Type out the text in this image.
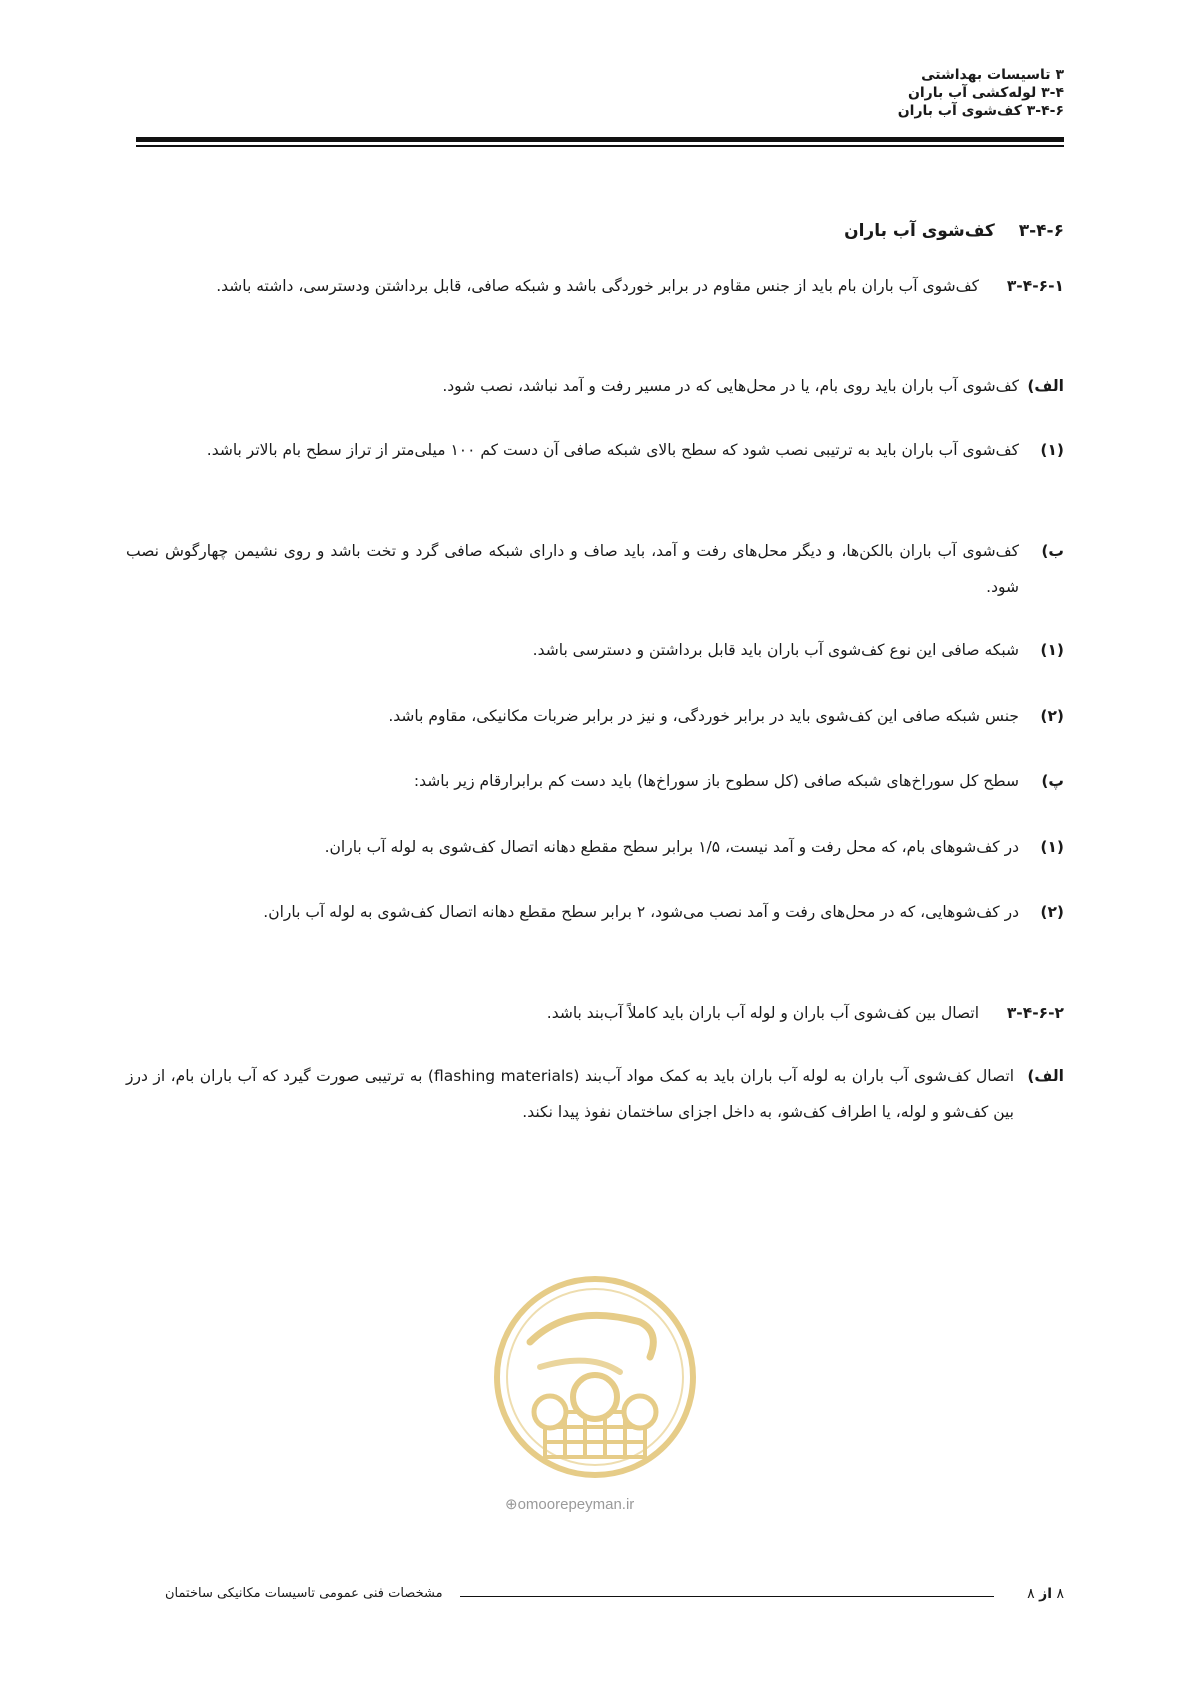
۳ تاسیسات بهداشتی
۳-۴ لوله‌کشی آب باران
۳-۴-۶ کف‌شوی آب باران
۳-۴-۶ کف‌شوی آب باران
۳-۴-۶-۱
کف‌شوی آب باران بام باید از جنس مقاوم در برابر خوردگی باشد و شبکه صافی، قابل برداشتن ودسترسی، داشته باشد.
الف)
کف‌شوی آب باران باید روی بام، یا در محل‌هایی که در مسیر رفت و آمد نباشد، نصب شود.
(۱)
کف‌شوی آب باران باید به ترتیبی نصب شود که سطح بالای شبکه صافی آن دست کم ۱۰۰ میلی‌متر از تراز سطح بام بالاتر باشد.
ب)
کف‌شوی آب باران بالکن‌ها، و دیگر محل‌های رفت و آمد، باید صاف و دارای شبکه صافی گرد و تخت باشد و روی نشیمن چهارگوش نصب شود.
(۱)
شبکه صافی این نوع کف‌شوی آب باران باید قابل برداشتن و دسترسی باشد.
(۲)
جنس شبکه صافی این کف‌شوی باید در برابر خوردگی، و نیز در برابر ضربات مکانیکی، مقاوم باشد.
پ)
سطح کل سوراخ‌های شبکه صافی (کل سطوح باز سوراخ‌ها) باید دست کم برابرارقام زیر باشد:
(۱)
در کف‌شوهای بام، که محل رفت و آمد نیست، ۱/۵ برابر سطح مقطع دهانه اتصال کف‌شوی به لوله آب باران.
(۲)
در کف‌شوهایی، که در محل‌های رفت و آمد نصب می‌شود، ۲ برابر سطح مقطع دهانه اتصال کف‌شوی به لوله آب باران.
۳-۴-۶-۲
اتصال بین کف‌شوی آب باران و لوله آب باران باید کاملاً آب‌بند باشد.
الف)
اتصال کف‌شوی آب باران به لوله آب باران باید به کمک مواد آب‌بند (flashing materials) به ترتیبی صورت گیرد که آب باران بام، از درز بین کف‌شو و لوله، یا اطراف کف‌شو، به داخل اجزای ساختمان نفوذ پیدا نکند.
⊕omoorepeyman.ir
۸ از ۸
مشخصات فنی عمومی تاسیسات مکانیکی ساختمان
